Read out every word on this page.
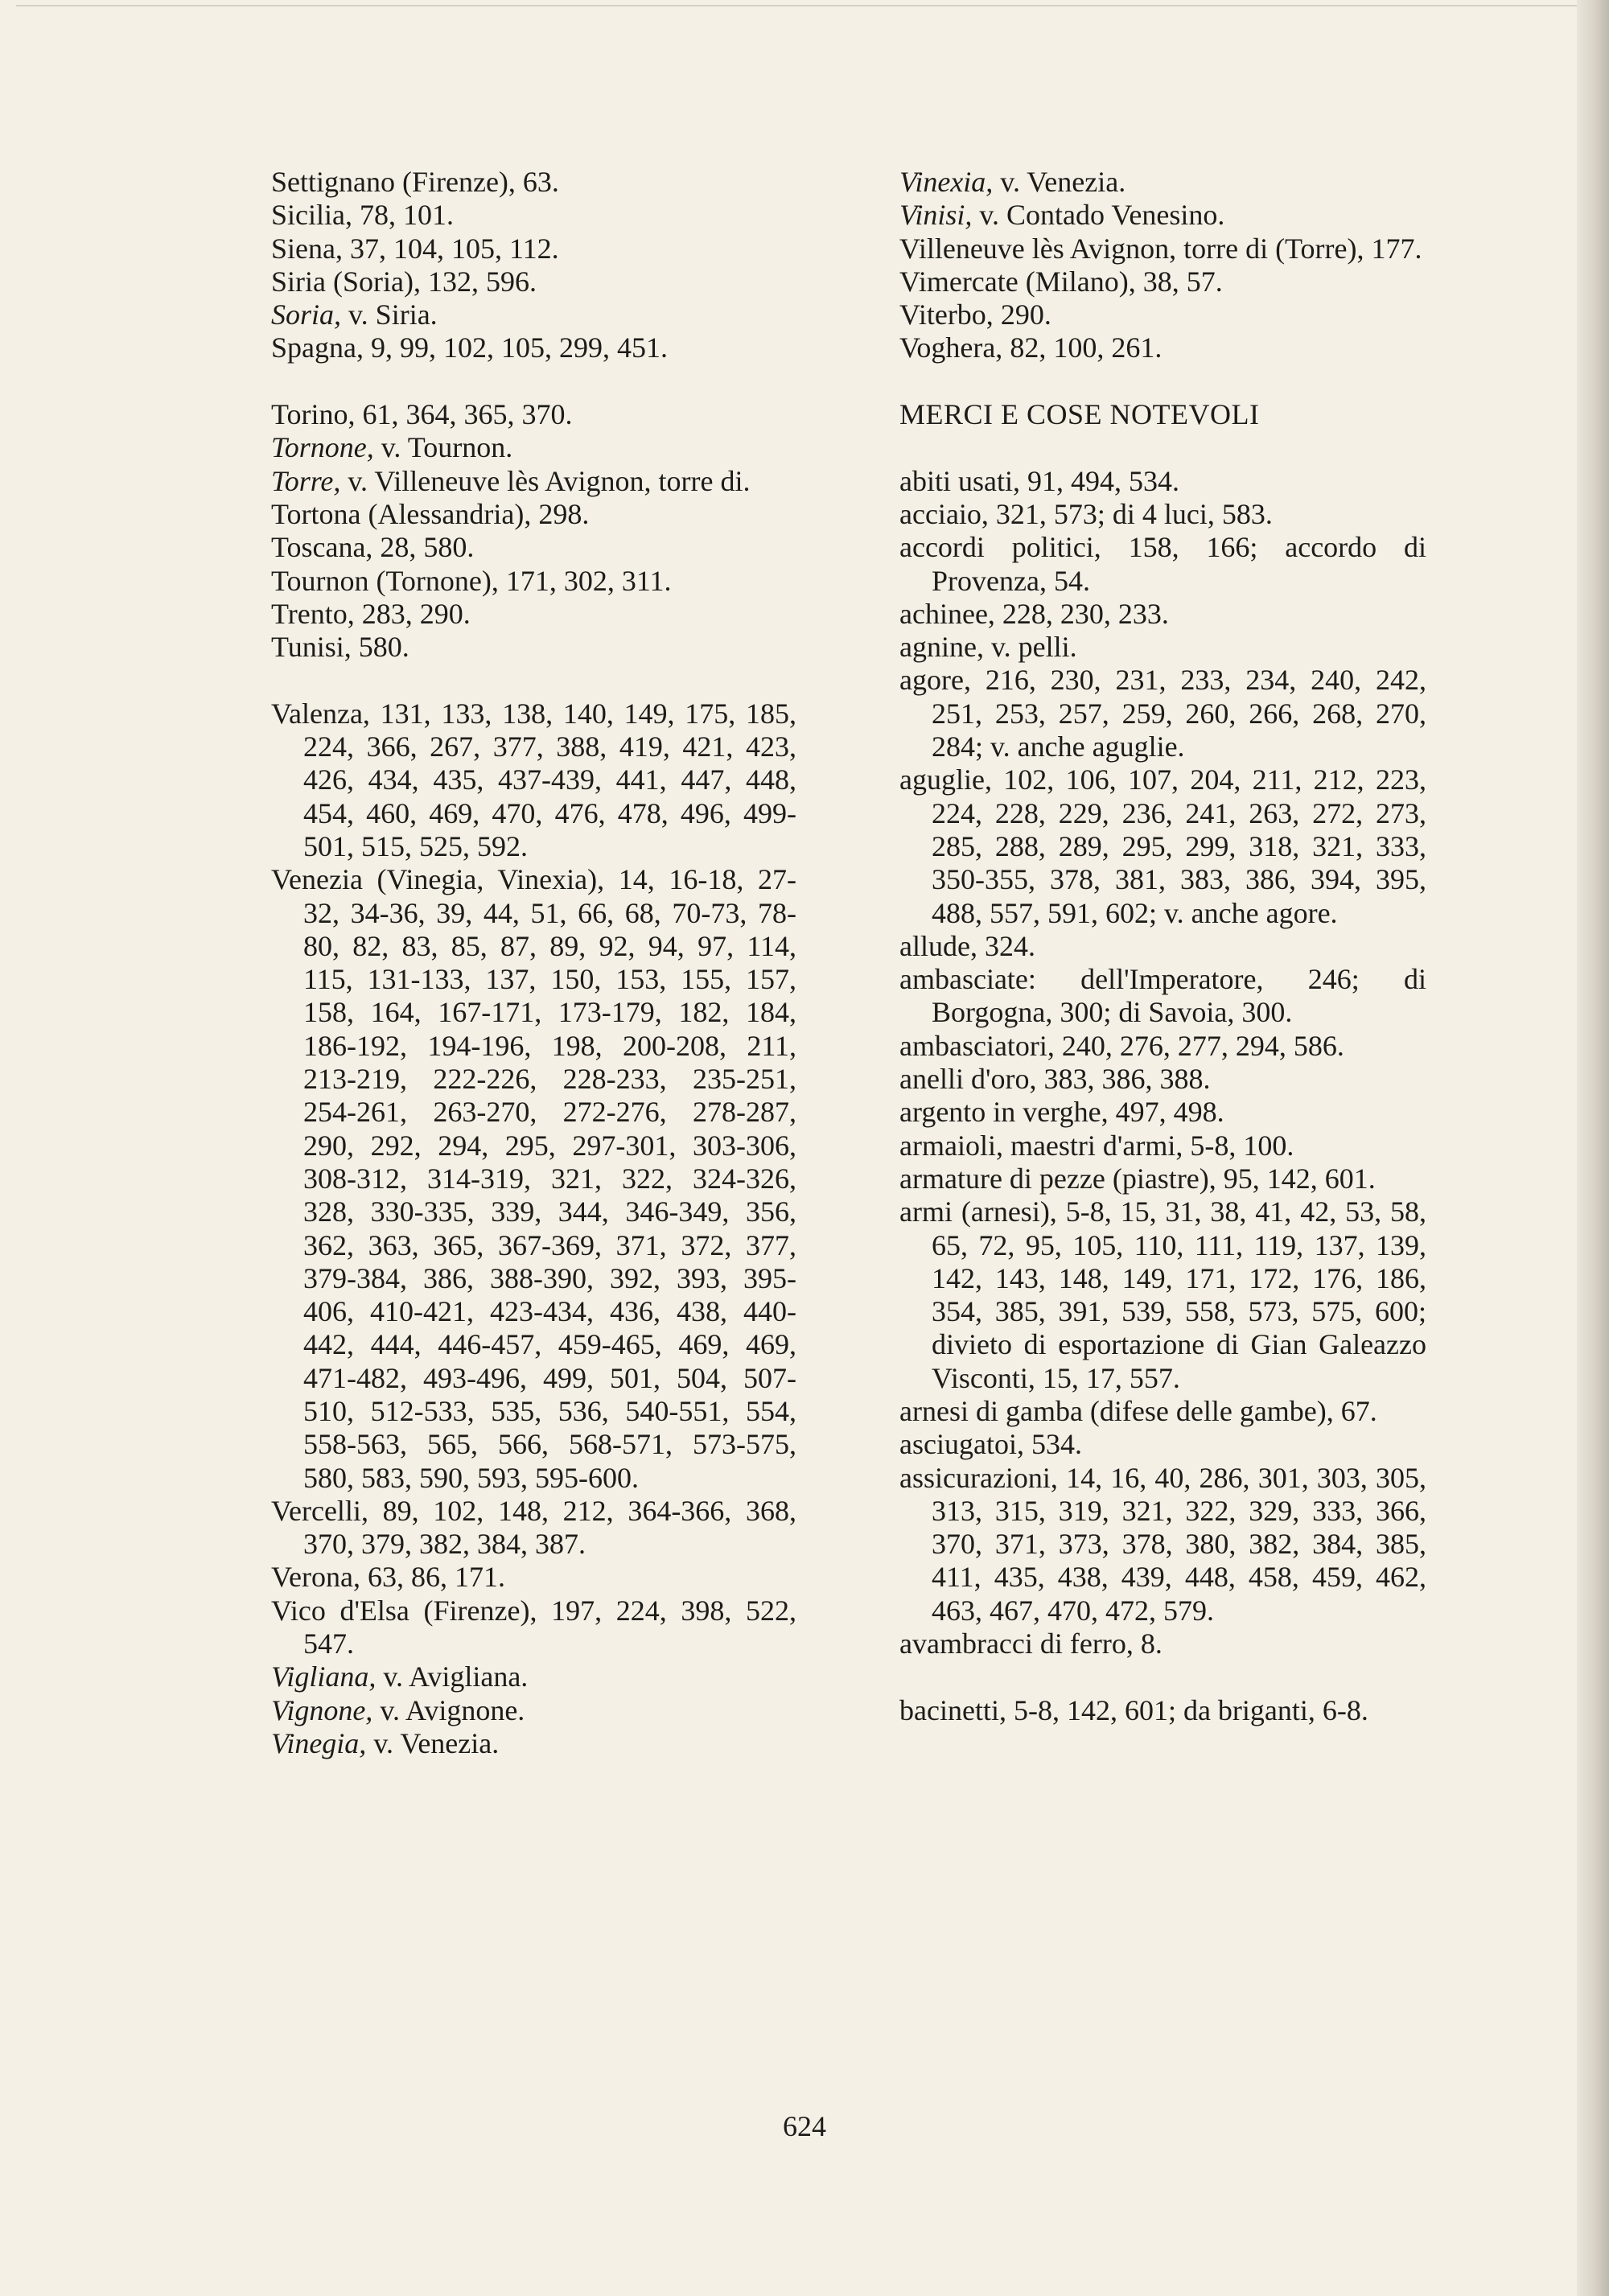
Settignano (Firenze), 63.
Sicilia, 78, 101.
Siena, 37, 104, 105, 112.
Siria (Soria), 132, 596.
Soria, v. Siria.
Spagna, 9, 99, 102, 105, 299, 451.
Torino, 61, 364, 365, 370.
Tornone, v. Tournon.
Torre, v. Villeneuve lès Avignon, torre di.
Tortona (Alessandria), 298.
Toscana, 28, 580.
Tournon (Tornone), 171, 302, 311.
Trento, 283, 290.
Tunisi, 580.
Valenza, 131, 133, 138, 140, 149, 175, 185, 224, 366, 267, 377, 388, 419, 421, 423, 426, 434, 435, 437-439, 441, 447, 448, 454, 460, 469, 470, 476, 478, 496, 499-501, 515, 525, 592.
Venezia (Vinegia, Vinexia), 14, 16-18, 27-32, 34-36, 39, 44, 51, 66, 68, 70-73, 78-80, 82, 83, 85, 87, 89, 92, 94, 97, 114, 115, 131-133, 137, 150, 153, 155, 157, 158, 164, 167-171, 173-179, 182, 184, 186-192, 194-196, 198, 200-208, 211, 213-219, 222-226, 228-233, 235-251, 254-261, 263-270, 272-276, 278-287, 290, 292, 294, 295, 297-301, 303-306, 308-312, 314-319, 321, 322, 324-326, 328, 330-335, 339, 344, 346-349, 356, 362, 363, 365, 367-369, 371, 372, 377, 379-384, 386, 388-390, 392, 393, 395-406, 410-421, 423-434, 436, 438, 440-442, 444, 446-457, 459-465, 469, 469, 471-482, 493-496, 499, 501, 504, 507-510, 512-533, 535, 536, 540-551, 554, 558-563, 565, 566, 568-571, 573-575, 580, 583, 590, 593, 595-600.
Vercelli, 89, 102, 148, 212, 364-366, 368, 370, 379, 382, 384, 387.
Verona, 63, 86, 171.
Vico d'Elsa (Firenze), 197, 224, 398, 522, 547.
Vigliana, v. Avigliana.
Vignone, v. Avignone.
Vinegia, v. Venezia.
Vinexia, v. Venezia.
Vinisi, v. Contado Venesino.
Villeneuve lès Avignon, torre di (Torre), 177.
Vimercate (Milano), 38, 57.
Viterbo, 290.
Voghera, 82, 100, 261.
MERCI E COSE NOTEVOLI
abiti usati, 91, 494, 534.
acciaio, 321, 573; di 4 luci, 583.
accordi politici, 158, 166; accordo di Provenza, 54.
achinee, 228, 230, 233.
agnine, v. pelli.
agore, 216, 230, 231, 233, 234, 240, 242, 251, 253, 257, 259, 260, 266, 268, 270, 284; v. anche aguglie.
aguglie, 102, 106, 107, 204, 211, 212, 223, 224, 228, 229, 236, 241, 263, 272, 273, 285, 288, 289, 295, 299, 318, 321, 333, 350-355, 378, 381, 383, 386, 394, 395, 488, 557, 591, 602; v. anche agore.
allude, 324.
ambasciate: dell'Imperatore, 246; di Borgogna, 300; di Savoia, 300.
ambasciatori, 240, 276, 277, 294, 586.
anelli d'oro, 383, 386, 388.
argento in verghe, 497, 498.
armaioli, maestri d'armi, 5-8, 100.
armature di pezze (piastre), 95, 142, 601.
armi (arnesi), 5-8, 15, 31, 38, 41, 42, 53, 58, 65, 72, 95, 105, 110, 111, 119, 137, 139, 142, 143, 148, 149, 171, 172, 176, 186, 354, 385, 391, 539, 558, 573, 575, 600; divieto di esportazione di Gian Galeazzo Visconti, 15, 17, 557.
arnesi di gamba (difese delle gambe), 67.
asciugatoi, 534.
assicurazioni, 14, 16, 40, 286, 301, 303, 305, 313, 315, 319, 321, 322, 329, 333, 366, 370, 371, 373, 378, 380, 382, 384, 385, 411, 435, 438, 439, 448, 458, 459, 462, 463, 467, 470, 472, 579.
avambracci di ferro, 8.
bacinetti, 5-8, 142, 601; da briganti, 6-8.
624
